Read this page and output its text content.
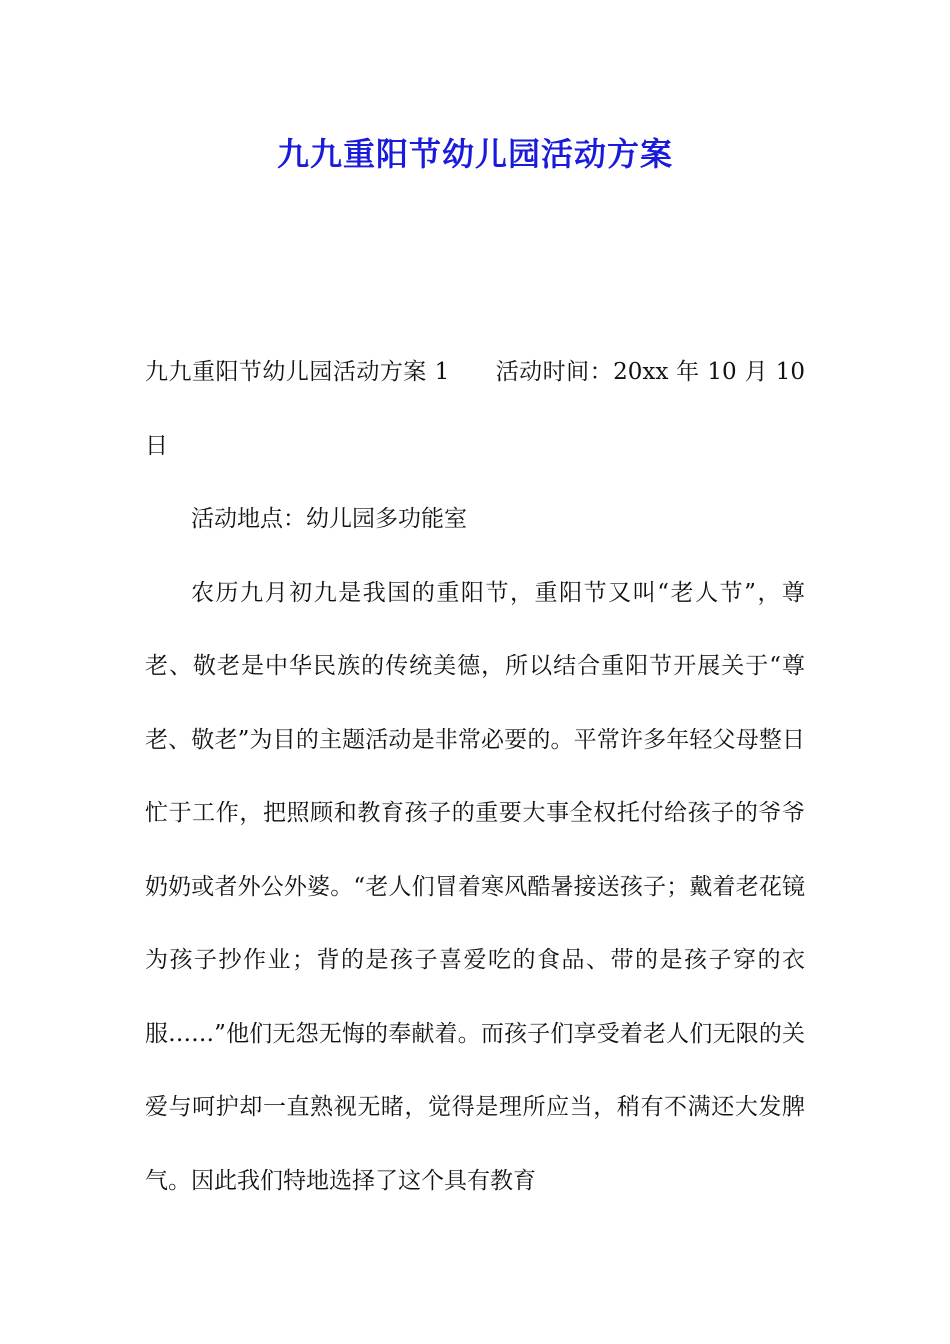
九九重阳节幼儿园活动方案

九九重阳节幼儿园活动方案 1 活动时间：20xx 年 10 月 10 日

活动地点：幼儿园多功能室

农历九月初九是我国的重阳节，重阳节又叫“老人节”，尊老、敬老是中华民族的传统美德，所以结合重阳节开展关于“尊老、敬老”为目的主题活动是非常必要的。平常许多年轻父母整日忙于工作，把照顾和教育孩子的重要大事全权托付给孩子的爷爷奶奶或者外公外婆。“老人们冒着寒风酷暑接送孩子；戴着老花镜为孩子抄作业；背的是孩子喜爱吃的食品、带的是孩子穿的衣服……”他们无怨无悔的奉献着。而孩子们享受着老人们无限的关爱与呵护却一直熟视无睹，觉得是理所应当，稍有不满还大发脾气。因此我们特地选择了这个具有教育
